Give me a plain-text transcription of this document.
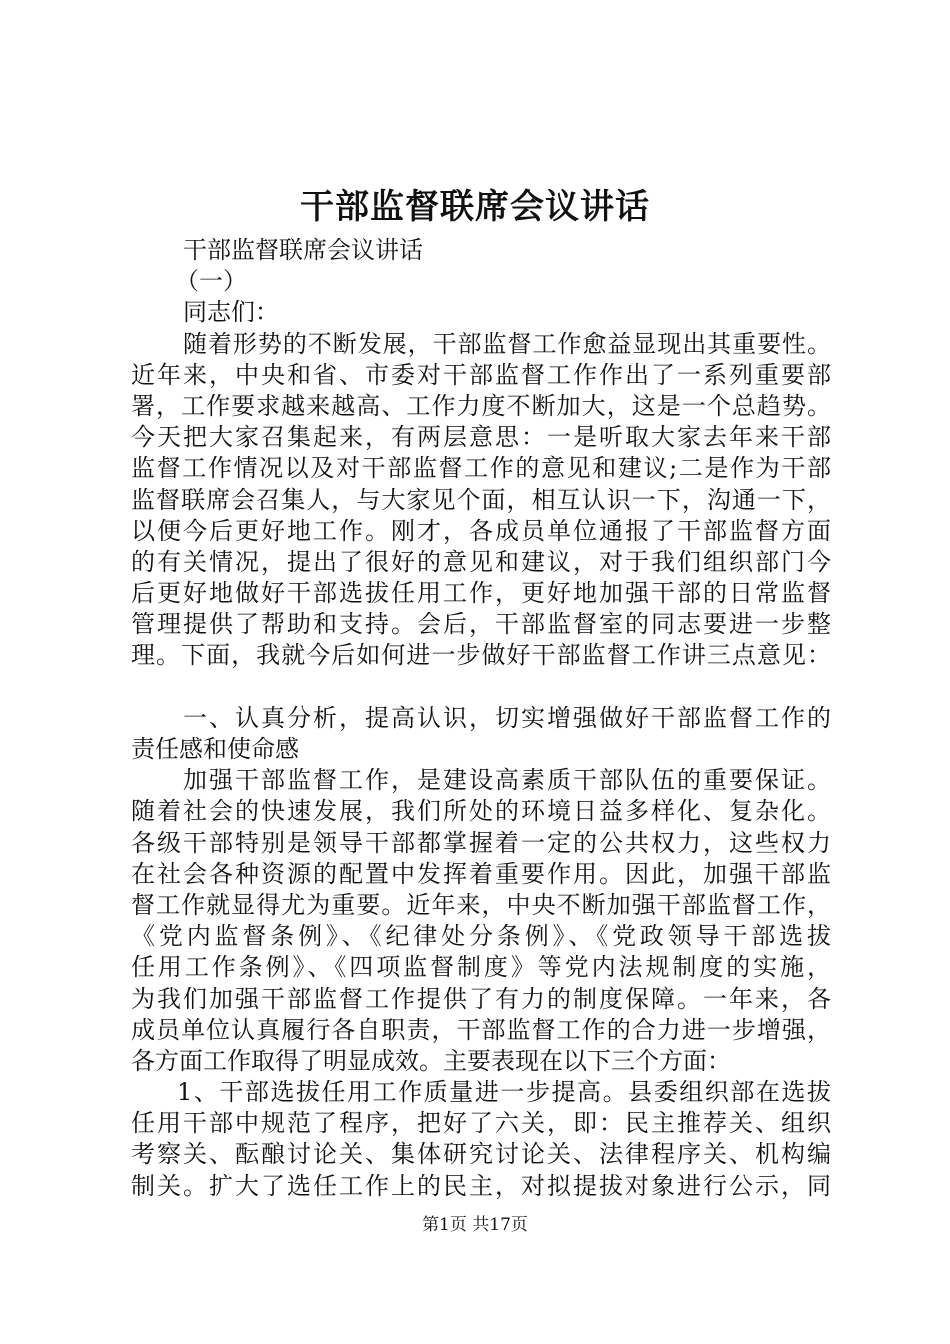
干部监督联席会议讲话
干部监督联席会议讲话
（一）
同志们：
随着形势的不断发展，干部监督工作愈益显现出其重要性。
近年来，中央和省、市委对干部监督工作作出了一系列重要部
署，工作要求越来越高、工作力度不断加大，这是一个总趋势。
今天把大家召集起来，有两层意思：一是听取大家去年来干部
监督工作情况以及对干部监督工作的意见和建议;二是作为干部
监督联席会召集人，与大家见个面，相互认识一下，沟通一下，
以便今后更好地工作。刚才，各成员单位通报了干部监督方面
的有关情况，提出了很好的意见和建议，对于我们组织部门今
后更好地做好干部选拔任用工作，更好地加强干部的日常监督
管理提供了帮助和支持。会后，干部监督室的同志要进一步整
理。下面，我就今后如何进一步做好干部监督工作讲三点意见：
一、认真分析，提高认识，切实增强做好干部监督工作的
责任感和使命感
加强干部监督工作，是建设高素质干部队伍的重要保证。
随着社会的快速发展，我们所处的环境日益多样化、复杂化。
各级干部特别是领导干部都掌握着一定的公共权力，这些权力
在社会各种资源的配置中发挥着重要作用。因此，加强干部监
督工作就显得尤为重要。近年来，中央不断加强干部监督工作，
《党内监督条例》、《纪律处分条例》、《党政领导干部选拔
任用工作条例》、《四项监督制度》等党内法规制度的实施，
为我们加强干部监督工作提供了有力的制度保障。一年来，各
成员单位认真履行各自职责，干部监督工作的合力进一步增强，
各方面工作取得了明显成效。主要表现在以下三个方面：
1、干部选拔任用工作质量进一步提高。县委组织部在选拔
任用干部中规范了程序，把好了六关，即：民主推荐关、组织
考察关、酝酿讨论关、集体研究讨论关、法律程序关、机构编
制关。扩大了选任工作上的民主，对拟提拔对象进行公示，同
第1页 共17页
